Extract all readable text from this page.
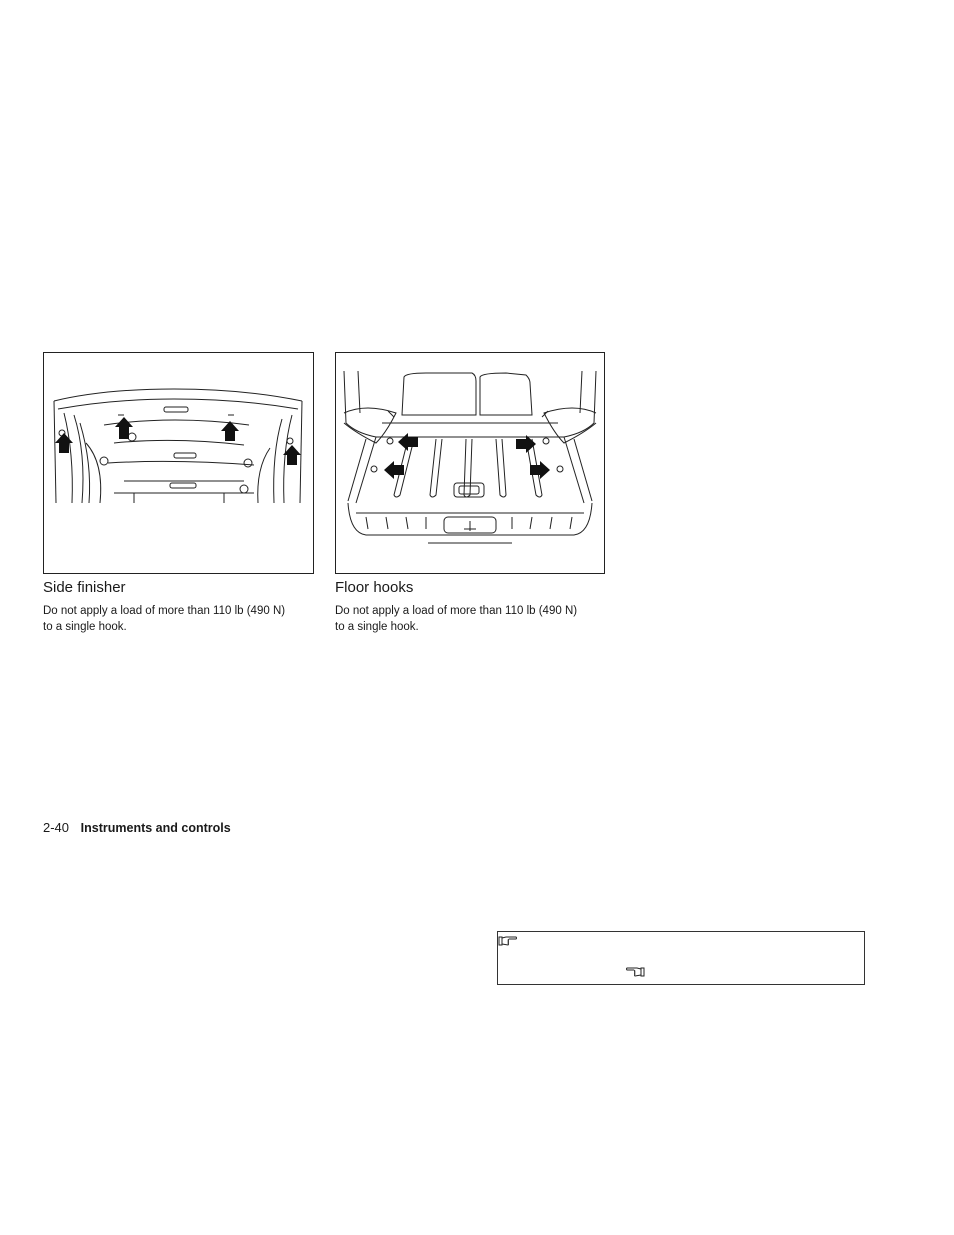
Side finisher

Do not apply a load of more than 110 lb (490 N)
to a single hook.

Floor hooks

Do not apply a load of more than 110 lb (490 N)
to a single hook.

2-40 Instruments and controls
